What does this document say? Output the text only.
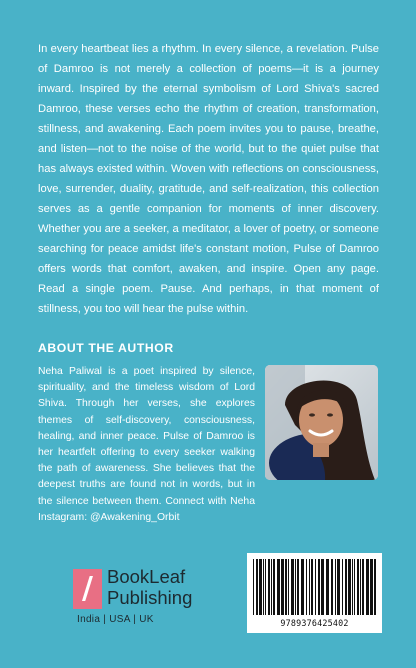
In every heartbeat lies a rhythm. In every silence, a revelation. Pulse of Damroo is not merely a collection of poems—it is a journey inward. Inspired by the eternal symbolism of Lord Shiva's sacred Damroo, these verses echo the rhythm of creation, transformation, stillness, and awakening. Each poem invites you to pause, breathe, and listen—not to the noise of the world, but to the quiet pulse that has always existed within. Woven with reflections on consciousness, love, surrender, duality, gratitude, and self-realization, this collection serves as a gentle companion for moments of inner discovery. Whether you are a seeker, a meditator, a lover of poetry, or someone searching for peace amidst life's constant motion, Pulse of Damroo offers words that comfort, awaken, and inspire. Open any page. Read a single poem. Pause. And perhaps, in that moment of stillness, you too will hear the pulse within.

ABOUT THE AUTHOR

Neha Paliwal is a poet inspired by silence, spirituality, and the timeless wisdom of Lord Shiva. Through her verses, she explores themes of self-discovery, consciousness, healing, and inner peace. Pulse of Damroo is her heartfelt offering to every seeker walking the path of awareness. She believes that the deepest truths are found not in words, but in the silence between them. Connect with Neha Instagram: @Awakening_Orbit

/ BookLeaf
Publishing
India | USA | UK	9789376425402
